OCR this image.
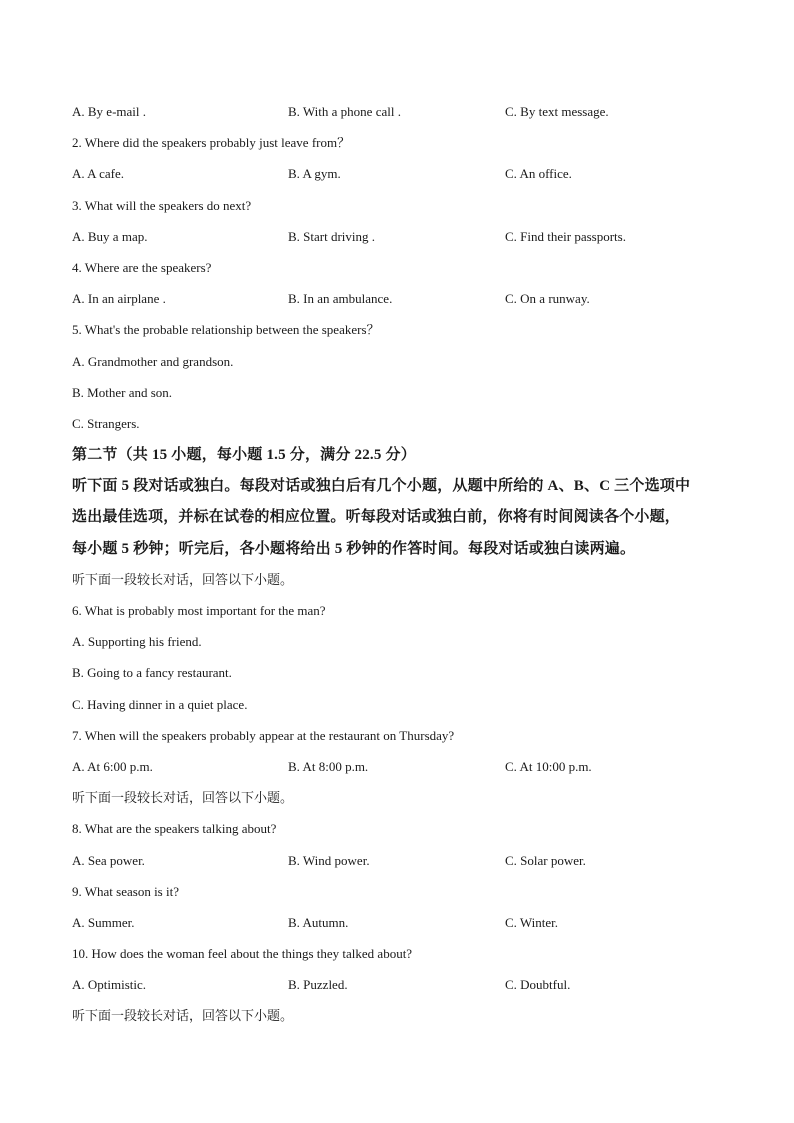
A. By e-mail .	B. With a phone call .	C. By text message.
2. Where did the speakers probably just leave from？
A. A cafe.	B. A gym.	C. An office.
3. What will the speakers do next?
A. Buy a map.	B. Start driving .	C. Find their passports.
4. Where are the speakers?
A. In an airplane .	B. In an ambulance.	C. On a runway.
5. What's the probable relationship between the speakers？
A. Grandmother and grandson.
B. Mother and son.
C. Strangers.
第二节（共 15 小题，每小题 1.5 分，满分 22.5 分）
听下面 5 段对话或独白。每段对话或独白后有几个小题，从题中所给的 A、B、C 三个选项中
选出最佳选项，并标在试卷的相应位置。听每段对话或独白前，你将有时间阅读各个小题，
每小题 5 秒钟；听完后，各小题将给出 5 秒钟的作答时间。每段对话或独白读两遍。
听下面一段较长对话，回答以下小题。
6. What is probably most important for the man?
A. Supporting his friend.
B. Going to a fancy restaurant.
C. Having dinner in a quiet place.
7. When will the speakers probably appear at the restaurant on Thursday?
A. At 6:00 p.m.	B. At 8:00 p.m.	C. At 10:00 p.m.
听下面一段较长对话，回答以下小题。
8. What are the speakers talking about?
A. Sea power.	B. Wind power.	C. Solar power.
9. What season is it?
A. Summer.	B. Autumn.	C. Winter.
10. How does the woman feel about the things they talked about?
A. Optimistic.	B. Puzzled.	C. Doubtful.
听下面一段较长对话，回答以下小题。
